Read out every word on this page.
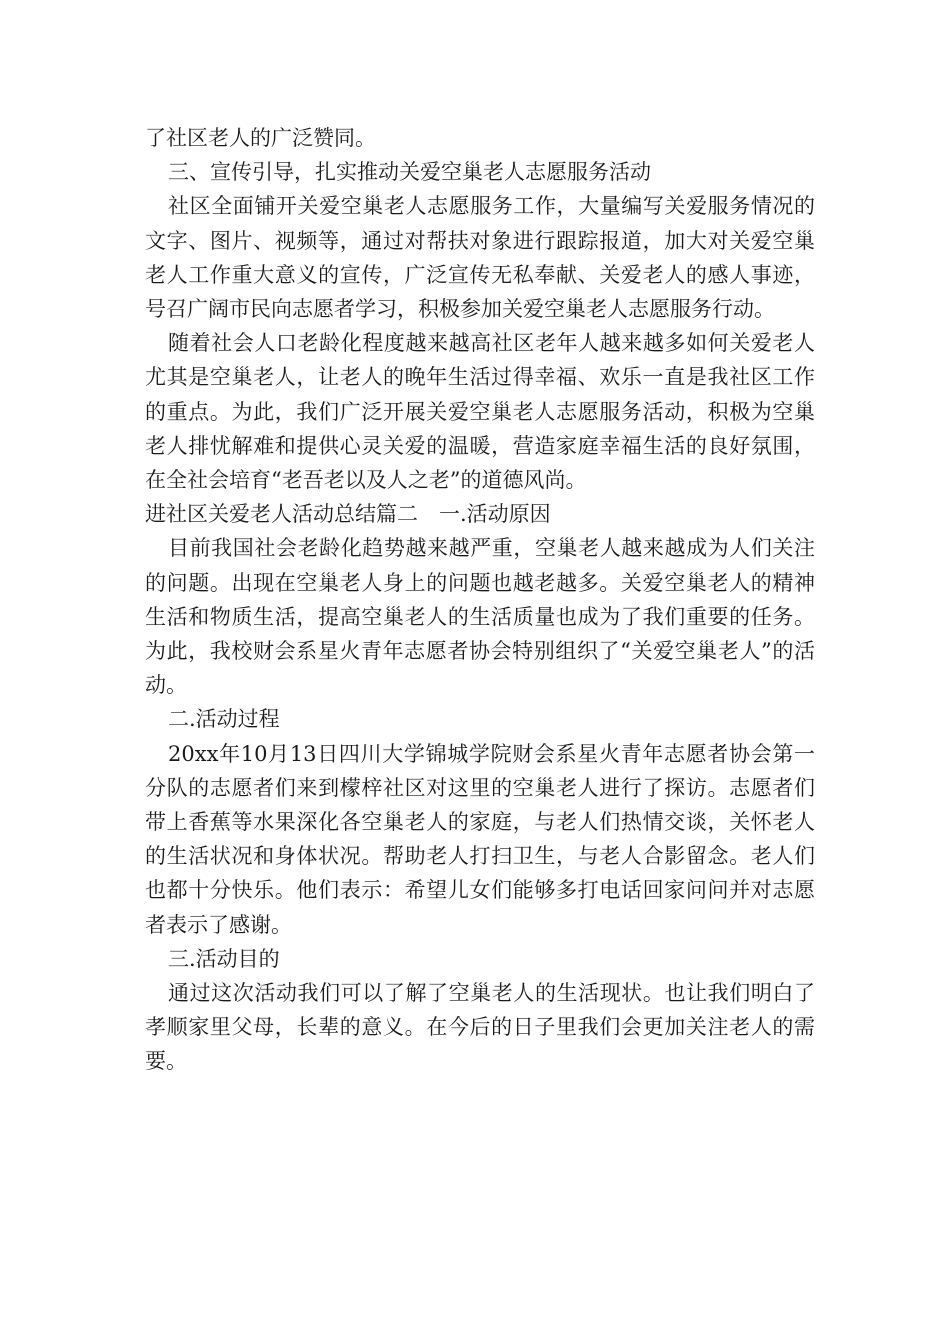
了社区老人的广泛赞同。

三、宣传引导，扎实推动关爱空巢老人志愿服务活动

社区全面铺开关爱空巢老人志愿服务工作，大量编写关爱服务情况的文字、图片、视频等，通过对帮扶对象进行跟踪报道，加大对关爱空巢老人工作重大意义的宣传，广泛宣传无私奉献、关爱老人的感人事迹，号召广阔市民向志愿者学习，积极参加关爱空巢老人志愿服务行动。

随着社会人口老龄化程度越来越高社区老年人越来越多如何关爱老人尤其是空巢老人，让老人的晚年生活过得幸福、欢乐一直是我社区工作的重点。为此，我们广泛开展关爱空巢老人志愿服务活动，积极为空巢老人排忧解难和提供心灵关爱的温暖，营造家庭幸福生活的良好氛围，在全社会培育“老吾老以及人之老”的道德风尚。

进社区关爱老人活动总结篇二　一.活动原因

目前我国社会老龄化趋势越来越严重，空巢老人越来越成为人们关注的问题。出现在空巢老人身上的问题也越老越多。关爱空巢老人的精神生活和物质生活，提高空巢老人的生活质量也成为了我们重要的任务。为此，我校财会系星火青年志愿者协会特别组织了“关爱空巢老人”的活动。

二.活动过程

20xx年10月13日四川大学锦城学院财会系星火青年志愿者协会第一分队的志愿者们来到檬梓社区对这里的空巢老人进行了探访。志愿者们带上香蕉等水果深化各空巢老人的家庭，与老人们热情交谈，关怀老人的生活状况和身体状况。帮助老人打扫卫生，与老人合影留念。老人们也都十分快乐。他们表示：希望儿女们能够多打电话回家问问并对志愿者表示了感谢。

三.活动目的

通过这次活动我们可以了解了空巢老人的生活现状。也让我们明白了孝顺家里父母，长辈的意义。在今后的日子里我们会更加关注老人的需要。
